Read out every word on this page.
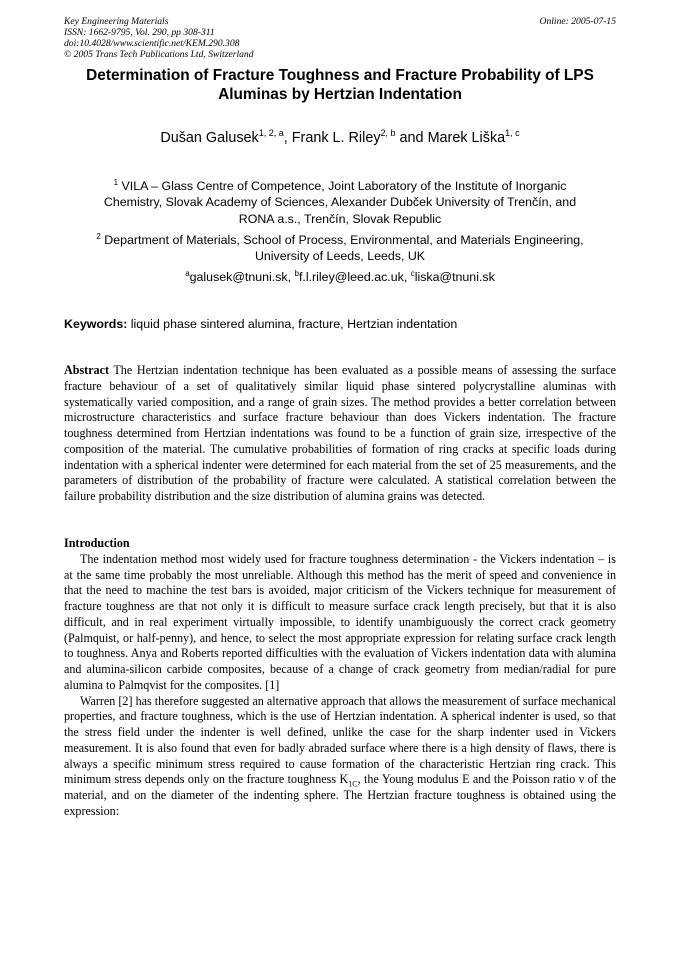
Key Engineering Materials
ISSN: 1662-9795, Vol. 290, pp 308-311
doi:10.4028/www.scientific.net/KEM.290.308
© 2005 Trans Tech Publications Ltd, Switzerland
Online: 2005-07-15
Determination of Fracture Toughness and Fracture Probability of LPS
Aluminas by Hertzian Indentation
Dušan Galusek$^{1, 2, a}$, Frank L. Riley$^{2, b}$ and Marek Liška$^{1, c}$
$^1$ VILA – Glass Centre of Competence, Joint Laboratory of the Institute of Inorganic
Chemistry, Slovak Academy of Sciences, Alexander Dubček University of Trenčín, and
RONA a.s., Trenčín, Slovak Republic
$^2$ Department of Materials, School of Process, Environmental, and Materials Engineering,
University of Leeds, Leeds, UK
$^a$galusek@tnuni.sk, $^b$f.l.riley@leed.ac.uk, $^c$liska@tnuni.sk
Keywords: liquid phase sintered alumina, fracture, Hertzian indentation

Abstract The Hertzian indentation technique has been evaluated as a possible means of assessing the surface fracture behaviour of a set of qualitatively similar liquid phase sintered polycrystalline aluminas with systematically varied composition, and a range of grain sizes. The method provides a better correlation between microstructure characteristics and surface fracture behaviour than does Vickers indentation. The fracture toughness determined from Hertzian indentations was found to be a function of grain size, irrespective of the composition of the material. The cumulative probabilities of formation of ring cracks at specific loads during indentation with a spherical indenter were determined for each material from the set of 25 measurements, and the parameters of distribution of the probability of fracture were calculated. A statistical correlation between the failure probability distribution and the size distribution of alumina grains was detected.

Introduction

The indentation method most widely used for fracture toughness determination - the Vickers indentation – is at the same time probably the most unreliable. Although this method has the merit of speed and convenience in that the need to machine the test bars is avoided, major criticism of the Vickers technique for measurement of fracture toughness are that not only it is difficult to measure surface crack length precisely, but that it is also difficult, and in real experiment virtually impossible, to identify unambiguously the correct crack geometry (Palmquist, or half-penny), and hence, to select the most appropriate expression for relating surface crack length to toughness. Anya and Roberts reported difficulties with the evaluation of Vickers indentation data with alumina and alumina-silicon carbide composites, because of a change of crack geometry from median/radial for pure alumina to Palmqvist for the composites. [1]

Warren [2] has therefore suggested an alternative approach that allows the measurement of surface mechanical properties, and fracture toughness, which is the use of Hertzian indentation. A spherical indenter is used, so that the stress field under the indenter is well defined, unlike the case for the sharp indenter used in Vickers measurement. It is also found that even for badly abraded surface where there is a high density of flaws, there is always a specific minimum stress required to cause formation of the characteristic Hertzian ring crack. This minimum stress depends only on the fracture toughness $K_{1C}$, the Young modulus E and the Poisson ratio ν of the material, and on the diameter of the indenting sphere. The Hertzian fracture toughness is obtained using the expression:
